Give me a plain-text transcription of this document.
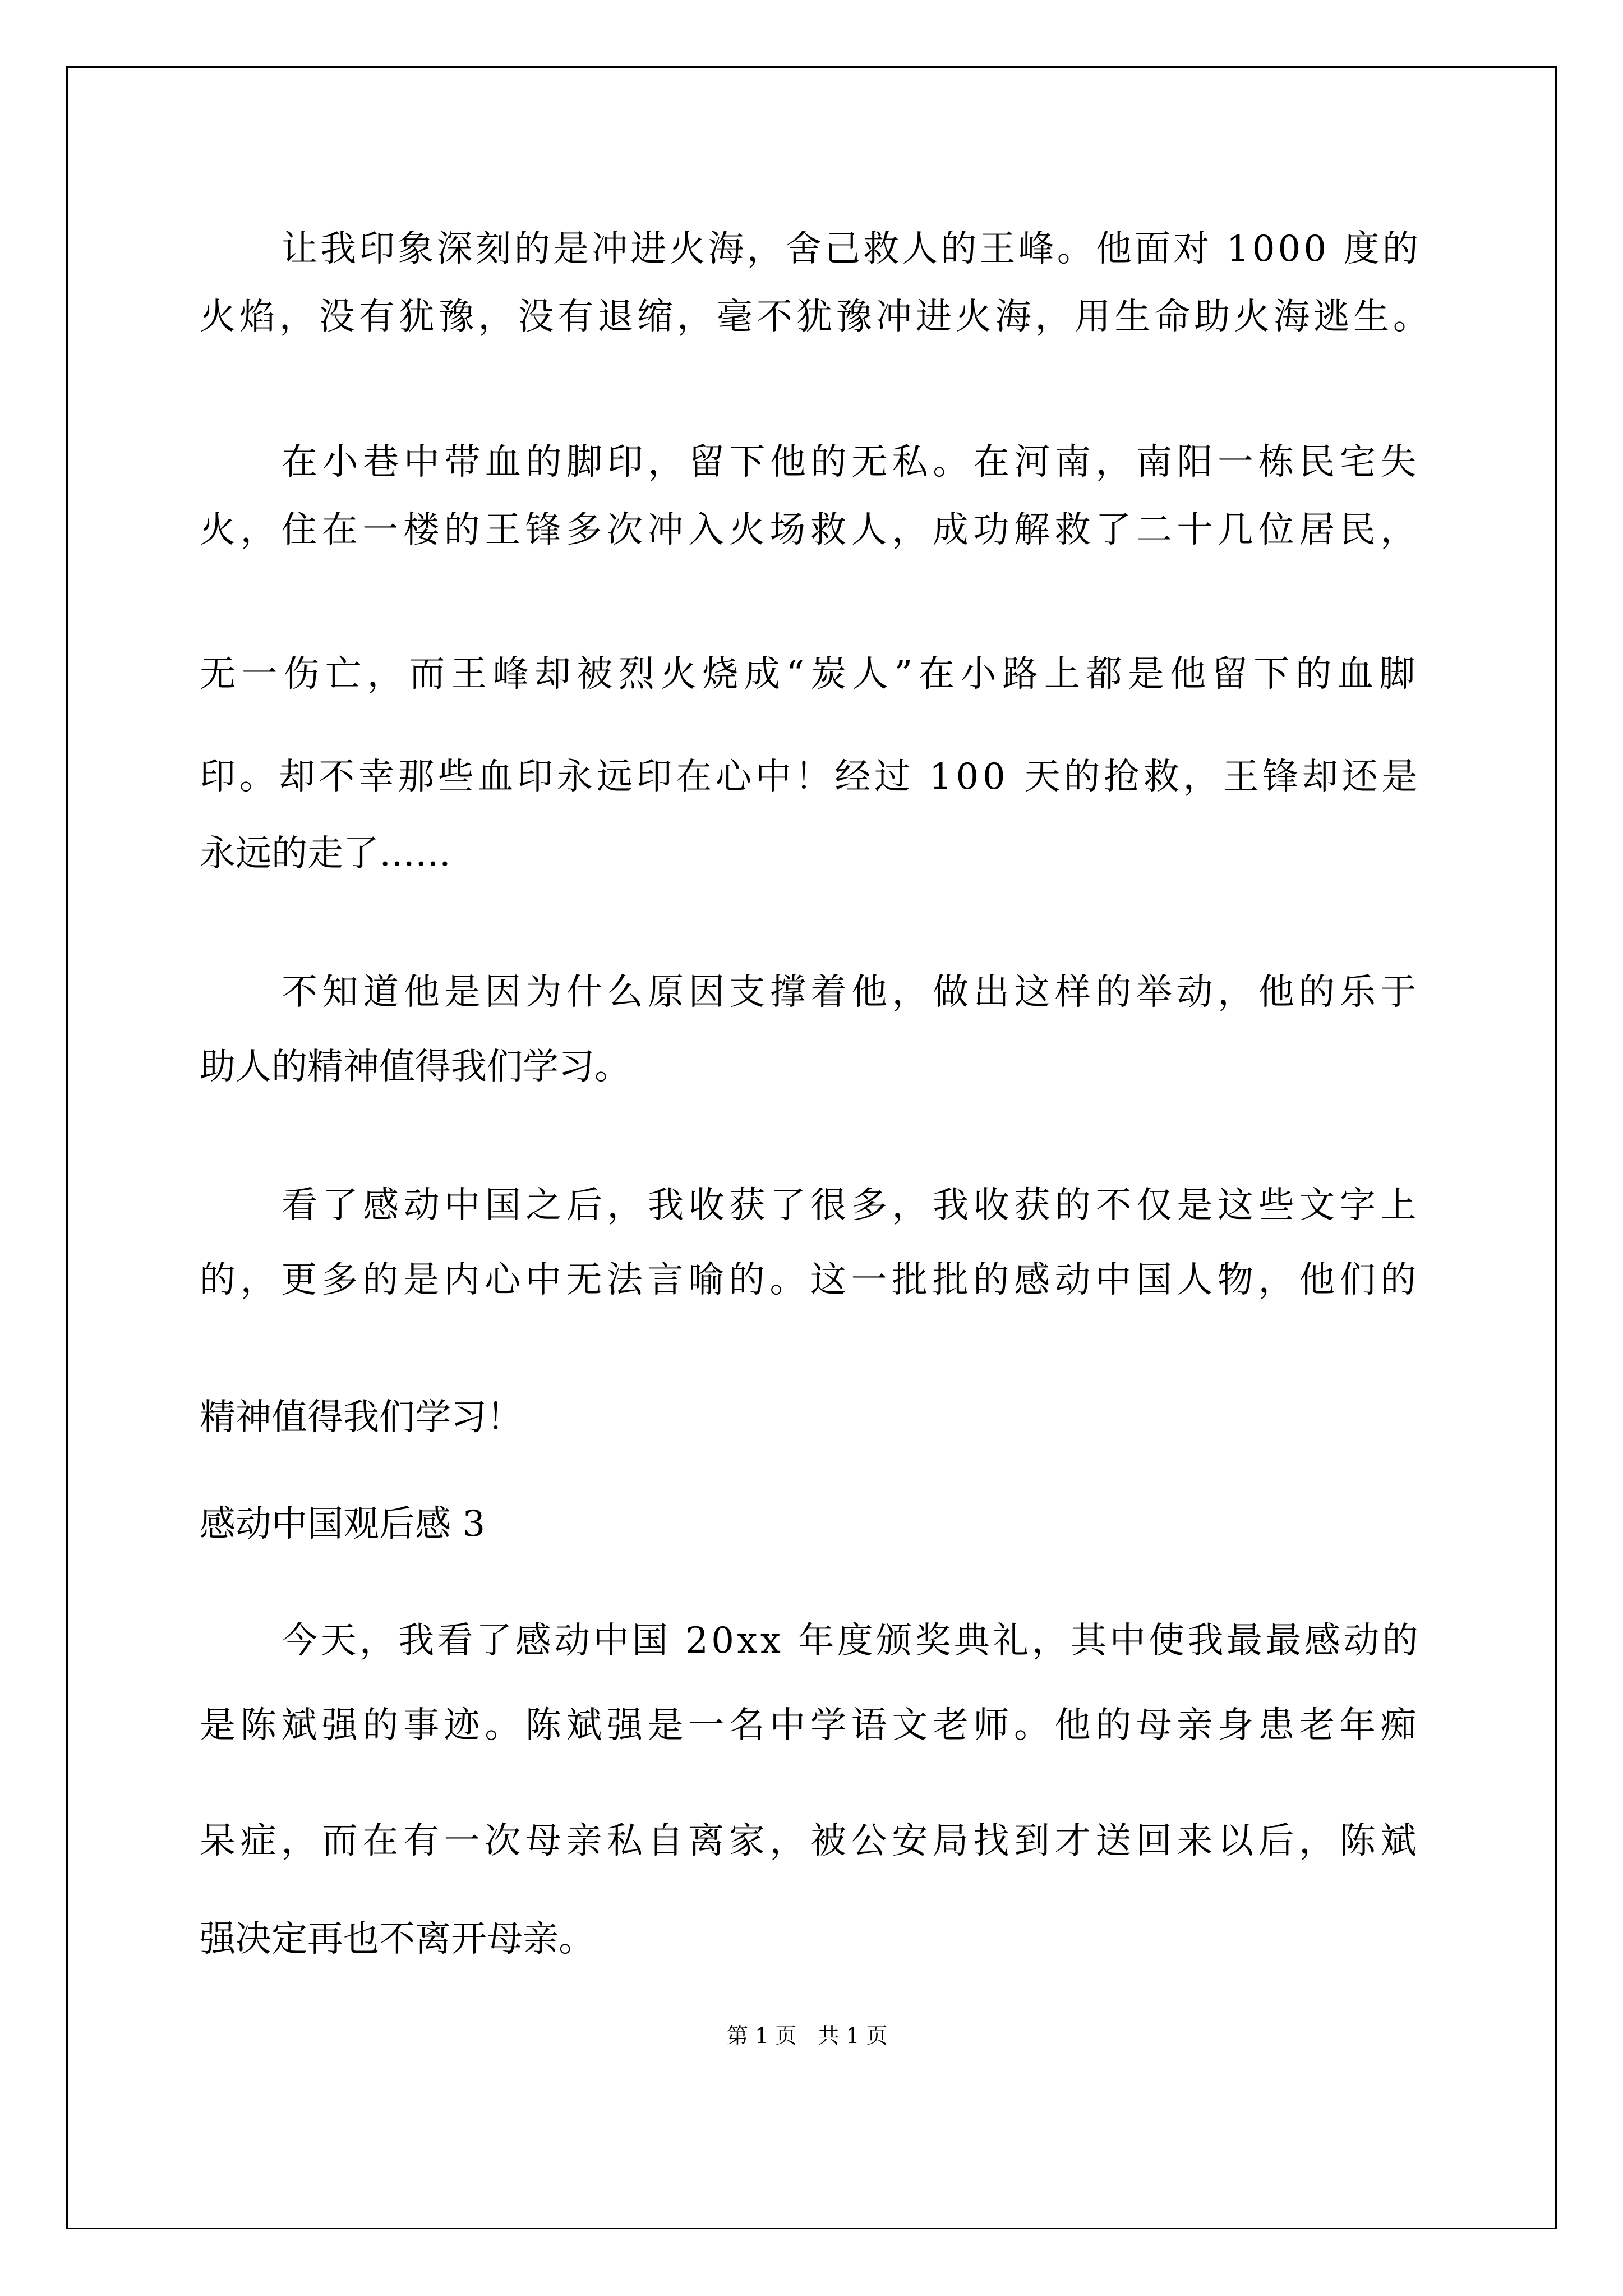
让我印象深刻的是冲进火海，舍己救人的王峰。他面对 1000 度的
火焰，没有犹豫，没有退缩，毫不犹豫冲进火海，用生命助火海逃生。
在小巷中带血的脚印，留下他的无私。在河南，南阳一栋民宅失
火，住在一楼的王锋多次冲入火场救人，成功解救了二十几位居民，
无一伤亡，而王峰却被烈火烧成“炭人”在小路上都是他留下的血脚
印。却不幸那些血印永远印在心中！经过 100 天的抢救，王锋却还是
永远的走了……
不知道他是因为什么原因支撑着他，做出这样的举动，他的乐于
助人的精神值得我们学习。
看了感动中国之后，我收获了很多，我收获的不仅是这些文字上
的，更多的是内心中无法言喻的。这一批批的感动中国人物，他们的
精神值得我们学习！
感动中国观后感 3
今天，我看了感动中国 20xx 年度颁奖典礼，其中使我最最感动的
是陈斌强的事迹。陈斌强是一名中学语文老师。他的母亲身患老年痴
呆症，而在有一次母亲私自离家，被公安局找到才送回来以后，陈斌
强决定再也不离开母亲。
第 1 页　共 1 页
